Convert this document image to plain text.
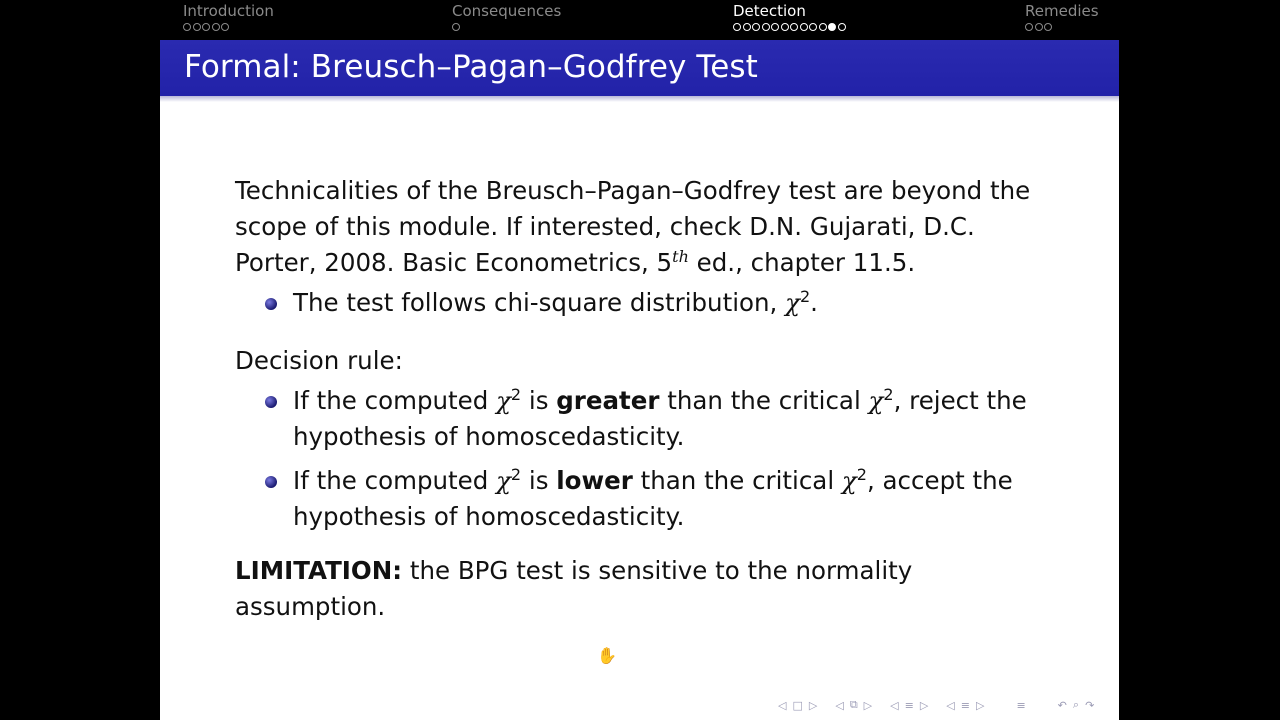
Introduction	Consequences	Detection	Remedies
Formal: Breusch–Pagan–Godfrey Test

Technicalities of the Breusch–Pagan–Godfrey test are beyond the scope of this module. If interested, check D.N. Gujarati, D.C. Porter, 2008. Basic Econometrics, 5th ed., chapter 11.5.

The test follows chi-square distribution, $\chi^2$.

Decision rule:

If the computed $\chi^2$ is greater than the critical $\chi^2$, reject the hypothesis of homoscedasticity.
If the computed $\chi^2$ is lower than the critical $\chi^2$, accept the hypothesis of homoscedasticity.

LIMITATION: the BPG test is sensitive to the normality assumption.

✋
◁ □ ▷ ◁ ⧉ ▷ ◁ ≡ ▷ ◁ ≡ ▷	≡	↶ ⌕ ↷
